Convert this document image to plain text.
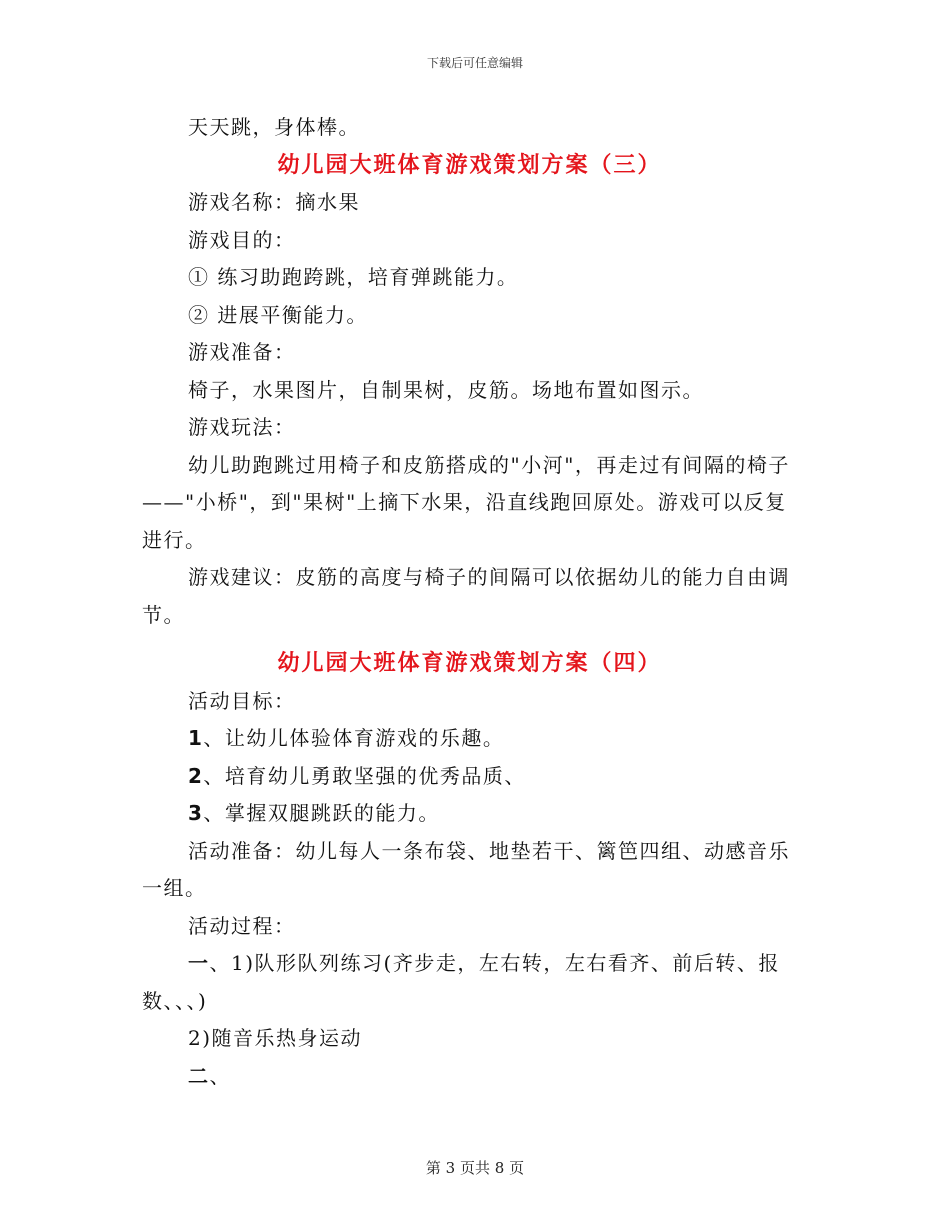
下载后可任意编辑

天天跳，身体棒。

幼儿园大班体育游戏策划方案（三）

游戏名称：摘水果

游戏目的：

① 练习助跑跨跳，培育弹跳能力。

② 进展平衡能力。

游戏准备：

椅子，水果图片，自制果树，皮筋。场地布置如图示。

游戏玩法：

幼儿助跑跳过用椅子和皮筋搭成的"小河"，再走过有间隔的椅子——"小桥"，到"果树"上摘下水果，沿直线跑回原处。游戏可以反复进行。

游戏建议：皮筋的高度与椅子的间隔可以依据幼儿的能力自由调节。

幼儿园大班体育游戏策划方案（四）

活动目标：

1、让幼儿体验体育游戏的乐趣。

2、培育幼儿勇敢坚强的优秀品质、

3、掌握双腿跳跃的能力。

活动准备：幼儿每人一条布袋、地垫若干、篱笆四组、动感音乐一组。

活动过程：

一、1)队形队列练习(齐步走，左右转，左右看齐、前后转、报数、、、)

2)随音乐热身运动

二、

第 3 页共 8 页
